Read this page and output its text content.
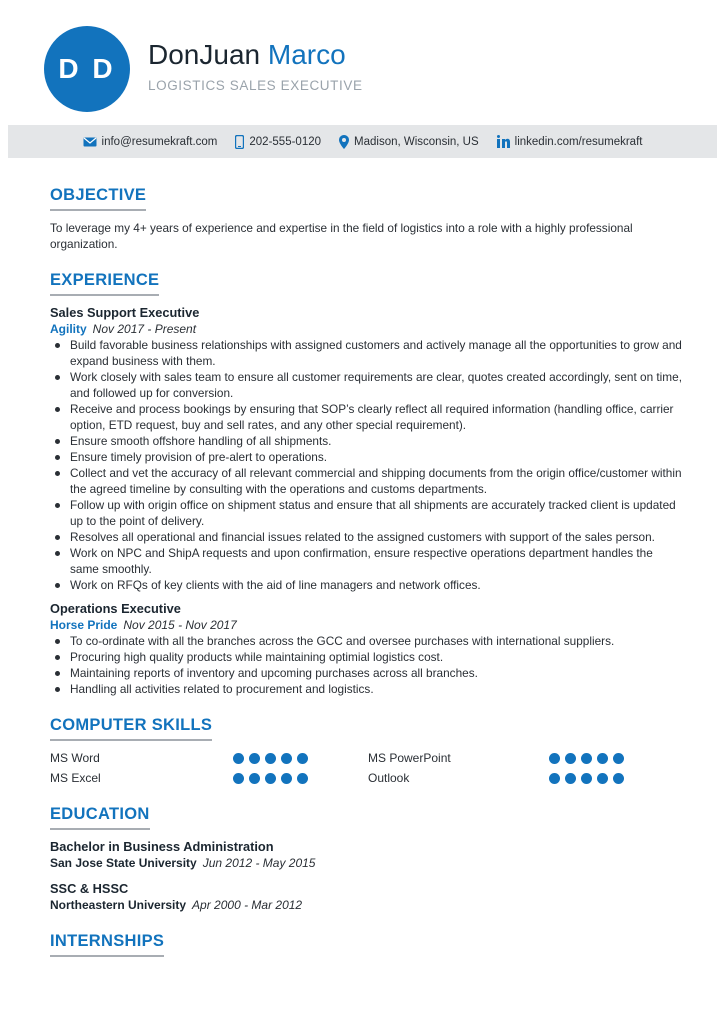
D D	DonJuan Marco
LOGISTICS SALES EXECUTIVE
info@resumekraft.com	202-555-0120	Madison, Wisconsin, US	linkedin.com/resumekraft
OBJECTIVE

To leverage my 4+ years of experience and expertise in the field of logistics into a role with a highly professional organization.

EXPERIENCE
Sales Support Executive
Agility Nov 2017 - Present
Build favorable business relationships with assigned customers and actively manage all the opportunities to grow and expand business with them.
Work closely with sales team to ensure all customer requirements are clear, quotes created accordingly, sent on time, and followed up for conversion.
Receive and process bookings by ensuring that SOP’s clearly reflect all required information (handling office, carrier option, ETD request, buy and sell rates, and any other special requirement).
Ensure smooth offshore handling of all shipments.
Ensure timely provision of pre-alert to operations.
Collect and vet the accuracy of all relevant commercial and shipping documents from the origin office/customer within the agreed timeline by consulting with the operations and customs departments.
Follow up with origin office on shipment status and ensure that all shipments are accurately tracked client is updated up to the point of delivery.
Resolves all operational and financial issues related to the assigned customers with support of the sales person.
Work on NPC and ShipA requests and upon confirmation, ensure respective operations department handles the same smoothly.
Work on RFQs of key clients with the aid of line managers and network offices.
Operations Executive
Horse Pride Nov 2015 - Nov 2017
To co-ordinate with all the branches across the GCC and oversee purchases with international suppliers.
Procuring high quality products while maintaining optimial logistics cost.
Maintaining reports of inventory and upcoming purchases across all branches.
Handling all activities related to procurement and logistics.
COMPUTER SKILLS
MS Word	MS PowerPoint
MS Excel	Outlook
EDUCATION
Bachelor in Business Administration
San Jose State University Jun 2012 - May 2015
SSC & HSSC
Northeastern University Apr 2000 - Mar 2012
INTERNSHIPS
